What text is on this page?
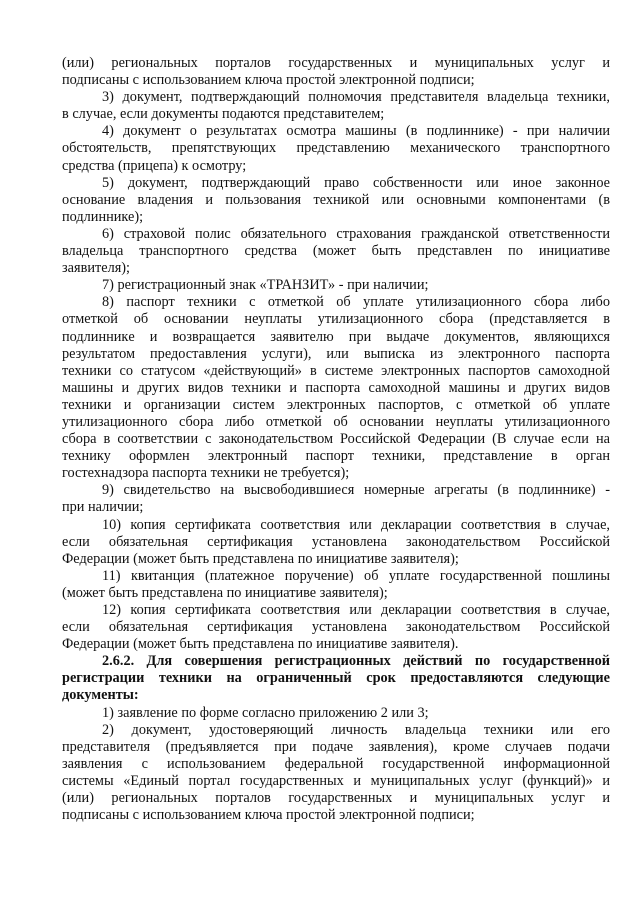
(или) региональных порталов государственных и муниципальных услуг и
подписаны с использованием ключа простой электронной подписи;
3) документ, подтверждающий полномочия представителя владельца техники,
в случае, если документы подаются представителем;
4) документ о результатах осмотра машины (в подлиннике) - при наличии
обстоятельств, препятствующих представлению механического транспортного
средства (прицепа) к осмотру;
5) документ, подтверждающий право собственности или иное законное
основание владения и пользования техникой или основными компонентами (в
подлиннике);
6) страховой полис обязательного страхования гражданской ответственности
владельца транспортного средства (может быть представлен по инициативе
заявителя);
7) регистрационный знак «ТРАНЗИТ» - при наличии;
8) паспорт техники с отметкой об уплате утилизационного сбора либо
отметкой об основании неуплаты утилизационного сбора (представляется в
подлинникe и возвращается заявителю при выдаче документов, являющихся
результатом предоставления услуги), или выписка из электронного паспорта
техники со статусом «действующий» в системе электронных паспортов самоходной
машины и других видов техники и паспорта самоходной машины и других видов
техники и организации систем электронных паспортов, с отметкой об уплате
утилизационного сбора либо отметкой об основании неуплаты утилизационного
сбора в соответствии с законодательством Российской Федерации (В случае если на
технику оформлен электронный паспорт техники, представление в орган
гостехнадзора паспорта техники не требуется);
9) свидетельство на высвободившиеся номерные агрегаты (в подлиннике) -
при наличии;
10) копия сертификата соответствия или декларации соответствия в случае,
если обязательная сертификация установлена законодательством Российской
Федерации (может быть представлена по инициативе заявителя);
11) квитанция (платежное поручение) об уплате государственной пошлины
(может быть представлена по инициативе заявителя);
12) копия сертификата соответствия или декларации соответствия в случае,
если обязательная сертификация установлена законодательством Российской
Федерации (может быть представлена по инициативе заявителя).
2.6.2. Для совершения регистрационных действий по государственной
регистрации техники на ограниченный срок предоставляются следующие
документы:
1) заявление по форме согласно приложению 2 или 3;
2) документ, удостоверяющий личность владельца техники или его
представителя (предъявляется при подаче заявления), кроме случаев подачи
заявления с использованием федеральной государственной информационной
системы «Единый портал государственных и муниципальных услуг (функций)» и
(или) региональных порталов государственных и муниципальных услуг и
подписаны с использованием ключа простой электронной подписи;
